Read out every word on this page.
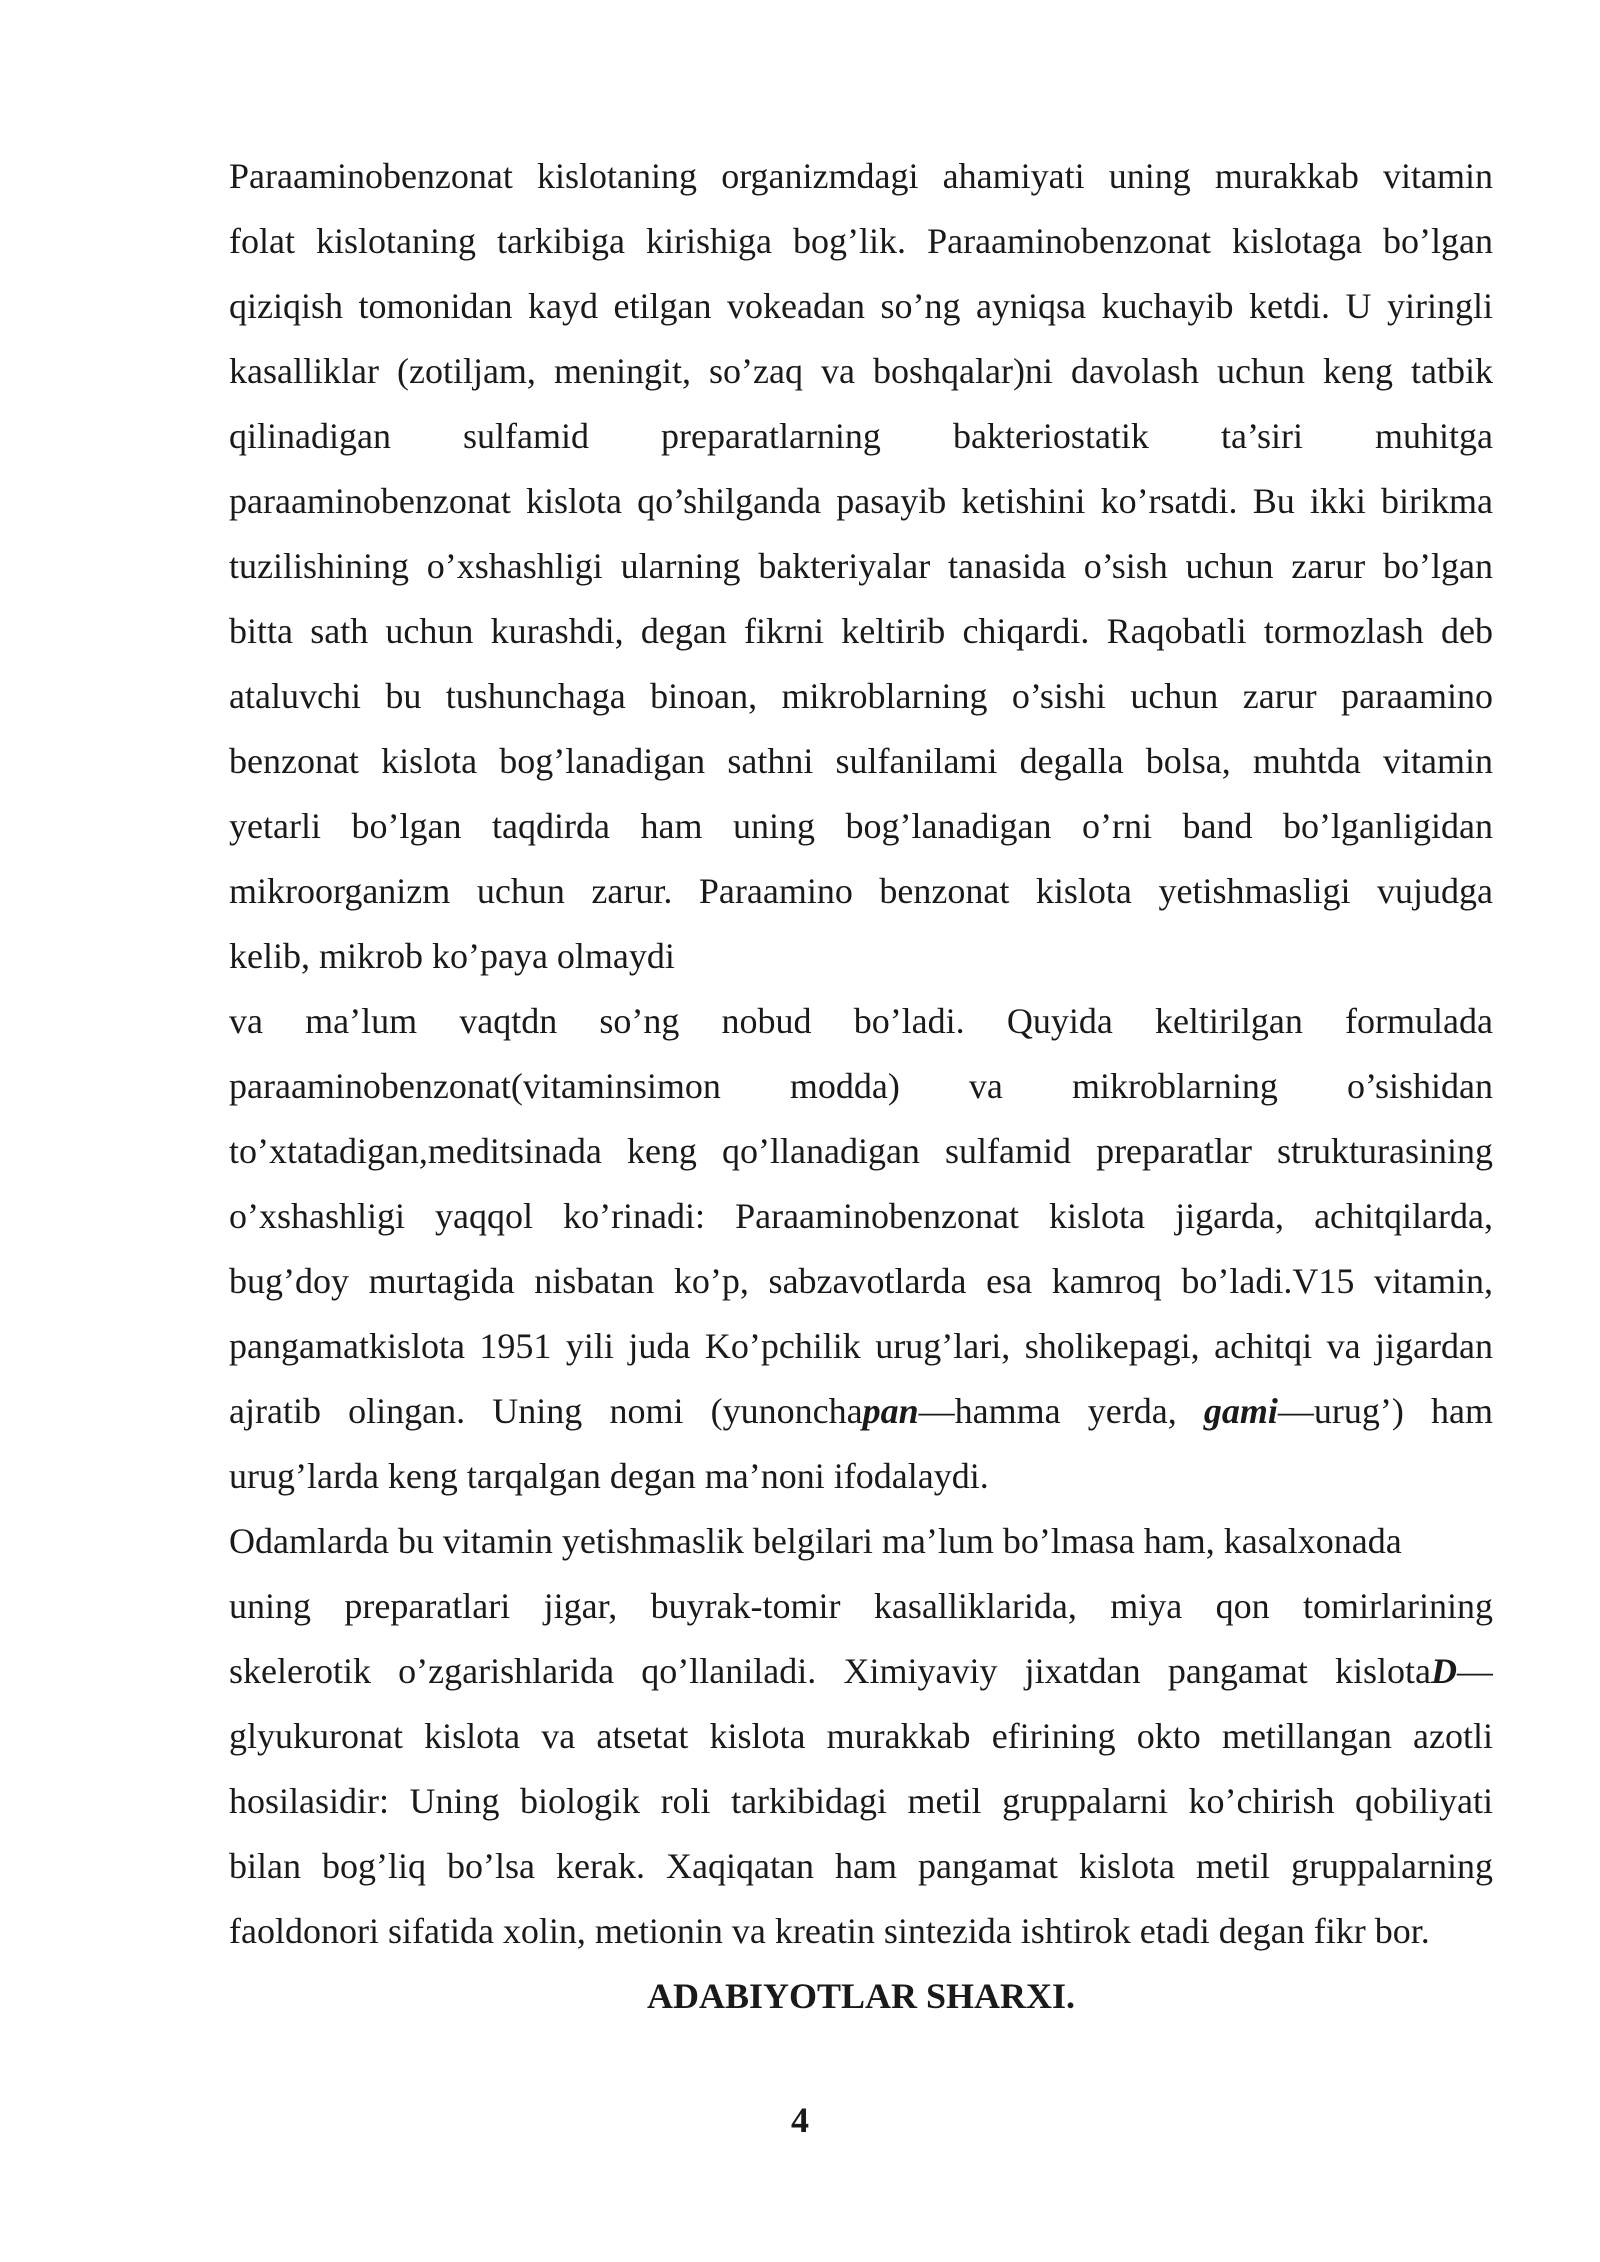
Paraaminobenzonat kislotaning organizmdagi ahamiyati uning murakkab vitamin
folat kislotaning tarkibiga kirishiga bog’lik. Paraaminobenzonat kislotaga bo’lgan
qiziqish tomonidan kayd etilgan vokeadan so’ng ayniqsa kuchayib ketdi. U yiringli
kasalliklar (zotiljam, meningit, so’zaq va boshqalar)ni davolash uchun keng tatbik
qilinadigan sulfamid preparatlarning bakteriostatik ta’siri muhitga
paraaminobenzonat kislota qo’shilganda pasayib ketishini ko’rsatdi. Bu ikki birikma
tuzilishining o’xshashligi ularning bakteriyalar tanasida o’sish uchun zarur bo’lgan
bitta sath uchun kurashdi, degan fikrni keltirib chiqardi. Raqobatli tormozlash deb
ataluvchi bu tushunchaga binoan, mikroblarning o’sishi uchun zarur paraamino
benzonat kislota bog’lanadigan sathni sulfanilami degalla bolsa, muhtda vitamin
yetarli bo’lgan taqdirda ham uning bog’lanadigan o’rni band bo’lganligidan
mikroorganizm uchun zarur. Paraamino benzonat kislota yetishmasligi vujudga
kelib, mikrob ko’paya olmaydi

va ma’lum vaqtdn so’ng nobud bo’ladi. Quyida keltirilgan formulada
paraaminobenzonat(vitaminsimon modda) va mikroblarning o’sishidan
to’xtatadigan,meditsinada keng qo’llanadigan sulfamid preparatlar strukturasining
o’xshashligi yaqqol ko’rinadi: Paraaminobenzonat kislota jigarda, achitqilarda,
bug’doy murtagida nisbatan ko’p, sabzavotlarda esa kamroq bo’ladi.V15 vitamin,
pangamatkislota 1951 yili juda Ko’pchilik urug’lari, sholikepagi, achitqi va jigardan
ajratib olingan. Uning nomi (yunonchapan—hamma yerda, gami—urug’) ham
urug’larda keng tarqalgan degan ma’noni ifodalaydi.

Odamlarda bu vitamin yetishmaslik belgilari ma’lum bo’lmasa ham, kasalxonada
uning preparatlari jigar, buyrak-tomir kasalliklarida, miya qon tomirlarining
skelerotik o’zgarishlarida qo’llaniladi. Ximiyaviy jixatdan pangamat kislotaD—
glyukuronat kislota va atsetat kislota murakkab efirining okto metillangan azotli
hosilasidir: Uning biologik roli tarkibidagi metil gruppalarni ko’chirish qobiliyati
bilan bog’liq bo’lsa kerak. Xaqiqatan ham pangamat kislota metil gruppalarning
faoldonori sifatida xolin, metionin va kreatin sintezida ishtirok etadi degan fikr bor.

ADABIYOTLAR SHARXI.
4
